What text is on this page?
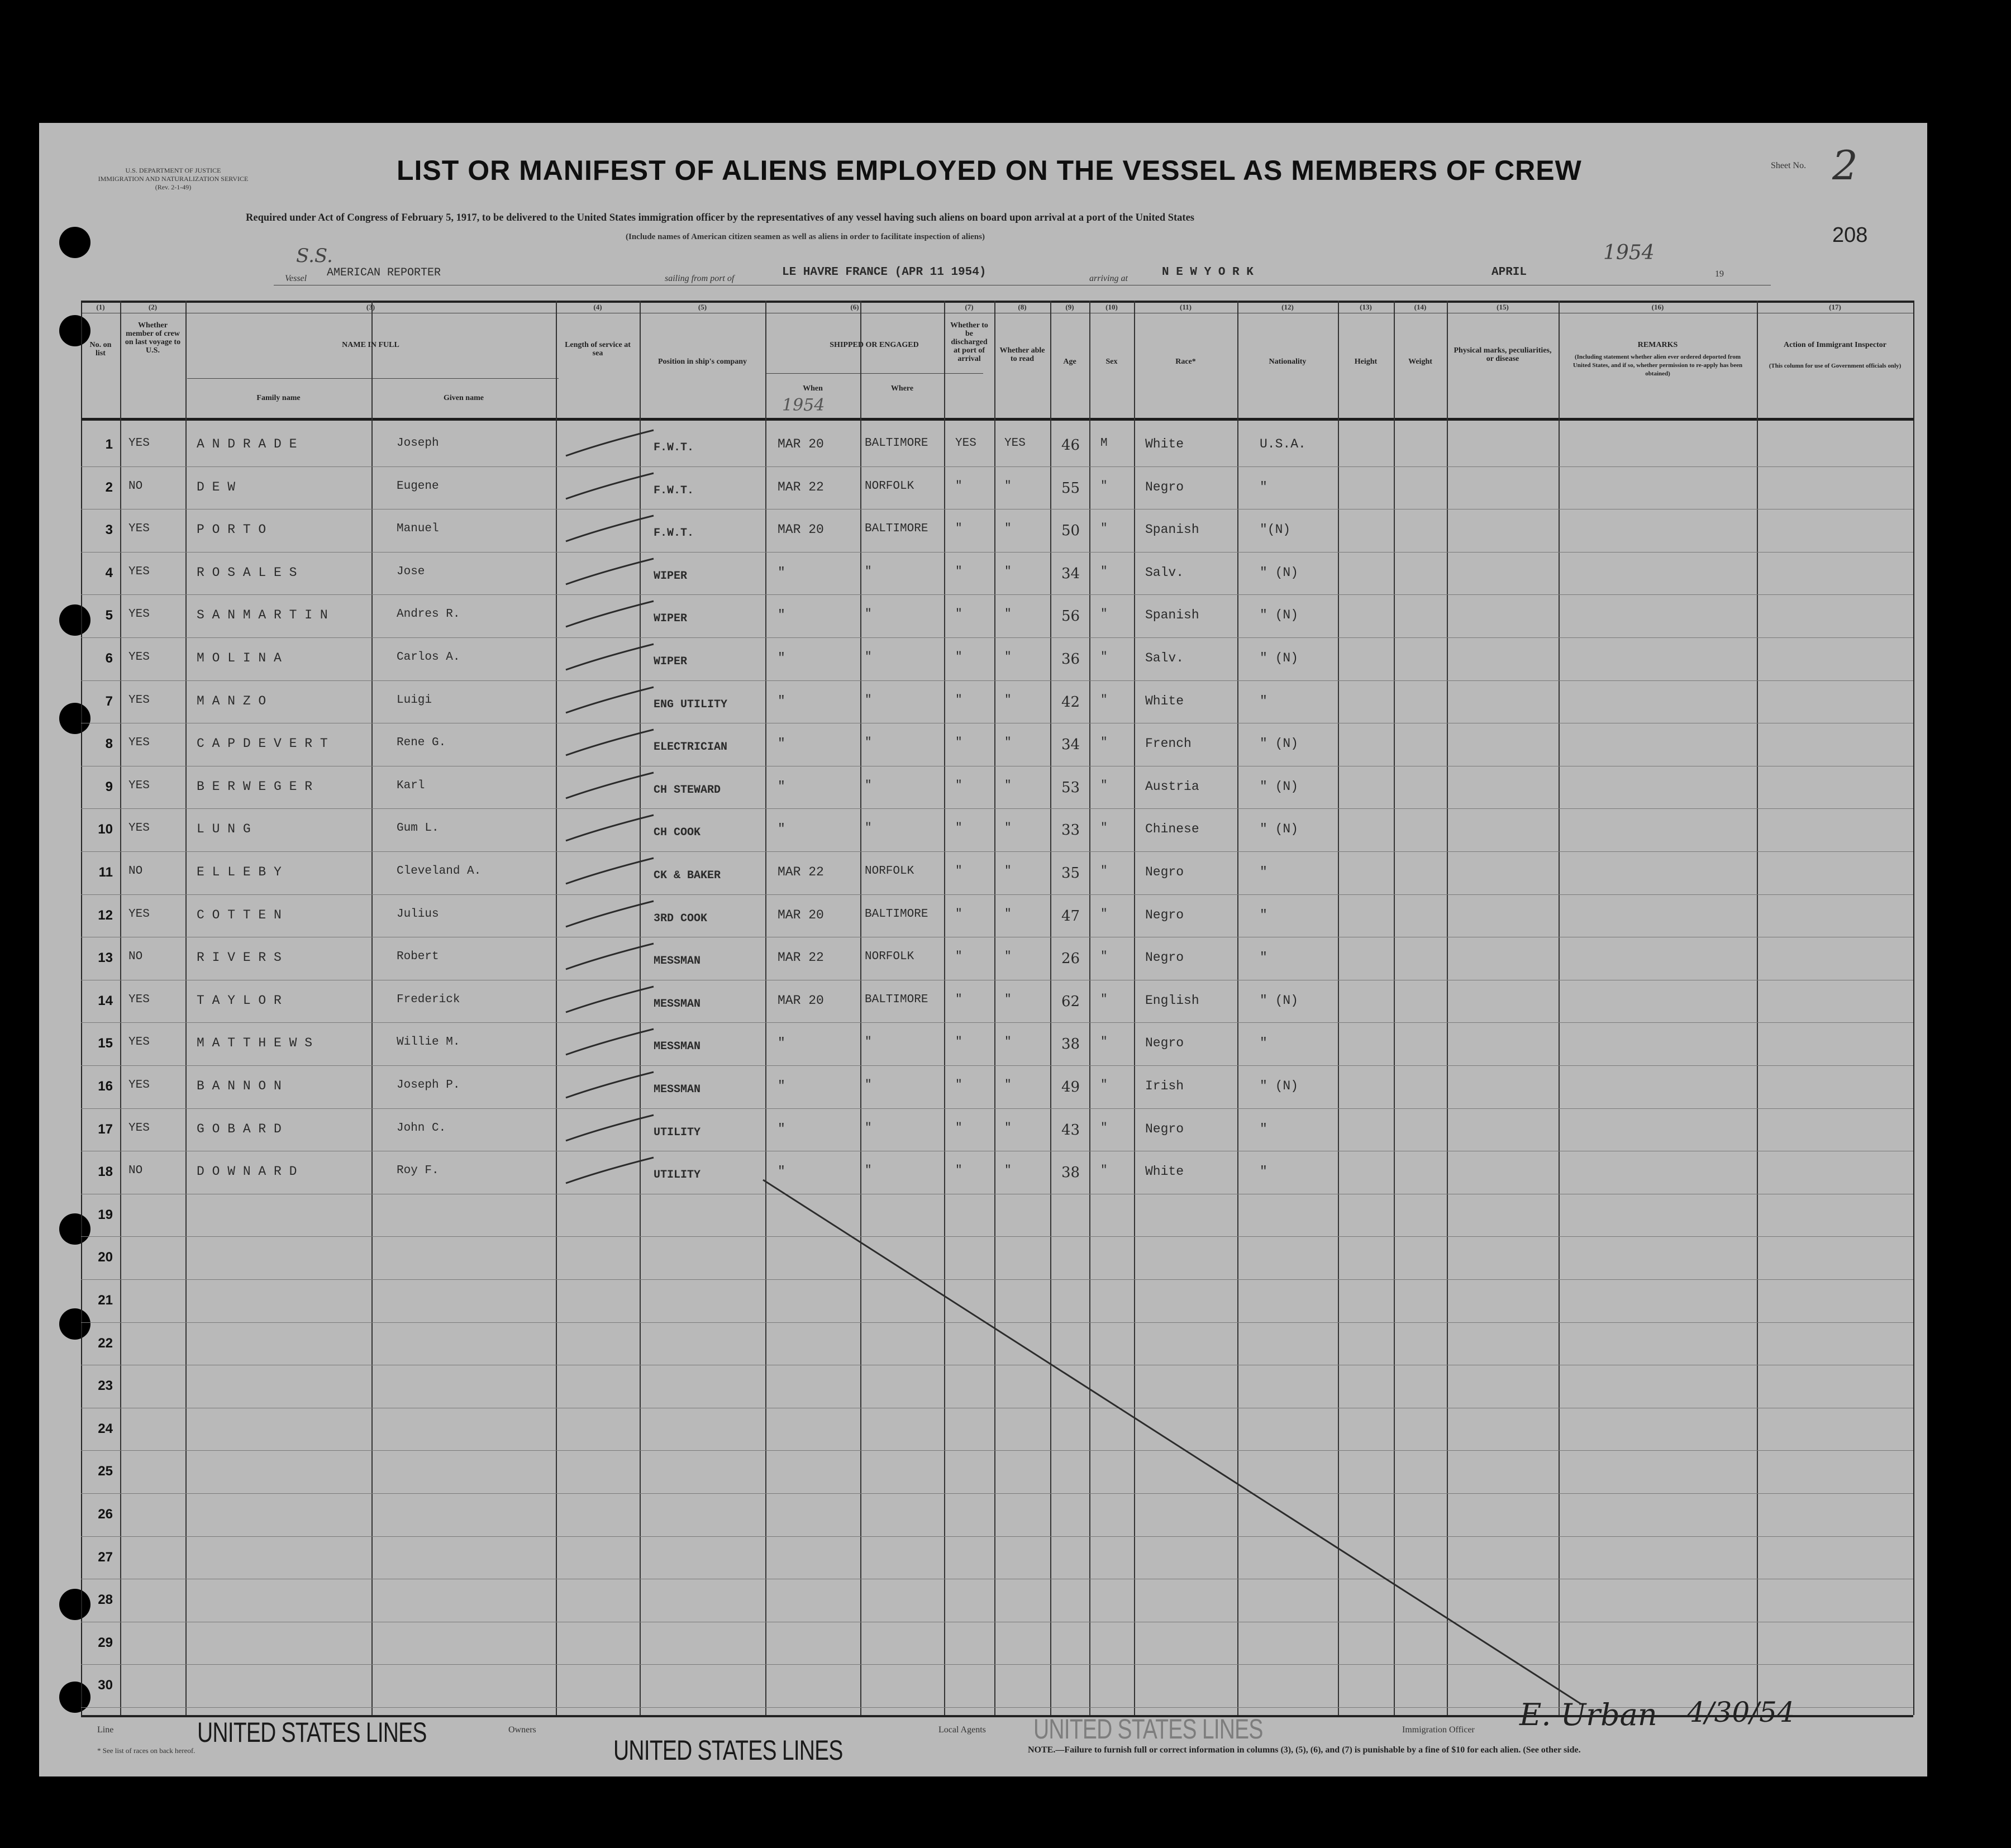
U.S. DEPARTMENT OF JUSTICE
IMMIGRATION AND NATURALIZATION SERVICE
(Rev. 2-1-49)
LIST OR MANIFEST OF ALIENS EMPLOYED ON THE VESSEL AS MEMBERS OF CREW	Sheet No. 2
208
Required under Act of Congress of February 5, 1917, to be delivered to the United States immigration officer by the representatives of any vessel having such aliens on board upon arrival at a port of the United States
(Include names of American citizen seamen as well as aliens in order to facilitate inspection of aliens)
S.S.
Vessel AMERICAN REPORTER	sailing from port of	LE HAVRE FRANCE (APR 11 1954)	arriving at	N E W Y O R K	APRIL
1954
19
No. on list
Whether member of crew on last voyage to U.S.
NAME IN FULL
Family name	Given name
Length of service at sea
Position in ship's company
SHIPPED OR ENGAGED
When	Where
Whether to be discharged at port of arrival
Whether able to read	Age	Sex	Race*	Nationality	Height	Weight
Physical marks, peculiarities, or disease
REMARKS
(Including statement whether alien ever ordered deported from United States, and if so, whether permission to re-apply has been obtained)
Action of Immigrant Inspector
(This column for use of Government officials only)
(1)	(2)	(3)	(4)	(5)	(6)	(7)	(8)	(9)	(10)	(11)	(12)	(13)	(14)	(15)	(16)	(17)
1954
1 YES	A N D R A D E	Joseph	F.W.T.	MAR 20	BALTIMORE YES YES 46 M	White	U.S.A.
2 NO	D E W	Eugene	F.W.T.	MAR 22	NORFOLK	"	"	55 "	Negro	"
3 YES	P O R T O	Manuel	F.W.T.	MAR 20	BALTIMORE "	"	50 "	Spanish	"(N)
4 YES	R O S A L E S	Jose	WIPER	"	"	"	"	34 "	Salv.	" (N)
5 YES	S A N M A R T I N	Andres R.	WIPER	"	"	"	"	56 "	Spanish	" (N)
6 YES	M O L I N A	Carlos A.	WIPER	"	"	"	"	36 "	Salv.	" (N)
7 YES	M A N Z O	Luigi	ENG UTILITY	"	"	"	"	42 "	White	"
8 YES	C A P D E V E R T	Rene G.	ELECTRICIAN	"	"	"	"	34 "	French	" (N)
9 YES	B E R W E G E R	Karl	CH STEWARD	"	"	"	"	53 "	Austria	" (N)
10 YES	L U N G	Gum L.	CH COOK	"	"	"	"	33 "	Chinese	" (N)
11 NO	E L L E B Y	Cleveland A.	CK & BAKER	MAR 22	NORFOLK	"	"	35 "	Negro	"
12 YES	C O T T E N	Julius	3RD COOK	MAR 20	BALTIMORE "	"	47 "	Negro	"
13 NO	R I V E R S	Robert	MESSMAN	MAR 22	NORFOLK	"	"	26 "	Negro	"
14 YES	T A Y L O R	Frederick	MESSMAN	MAR 20	BALTIMORE "	"	62 "	English	" (N)
15 YES	M A T T H E W S	Willie M.	MESSMAN	"	"	"	"	38 "	Negro	"
16 YES	B A N N O N	Joseph P.	MESSMAN	"	"	"	"	49 "	Irish	" (N)
17 YES	G O B A R D	John C.	UTILITY	"	"	"	"	43 "	Negro	"
18 NO	D O W N A R D	Roy F.	UTILITY	"	"	"	"	38 "	White	"
19
20
21
22
23
24
25
26
27
28
29
30
Line	UNITED STATES LINES
* See list of races on back hereof.
Owners
UNITED STATES LINES
Local Agents UNITED STATES LINES	Immigration Officer E. Urban 4/30/54
NOTE.—Failure to furnish full or correct information in columns (3), (5), (6), and (7) is punishable by a fine of $10 for each alien. (See other side.
